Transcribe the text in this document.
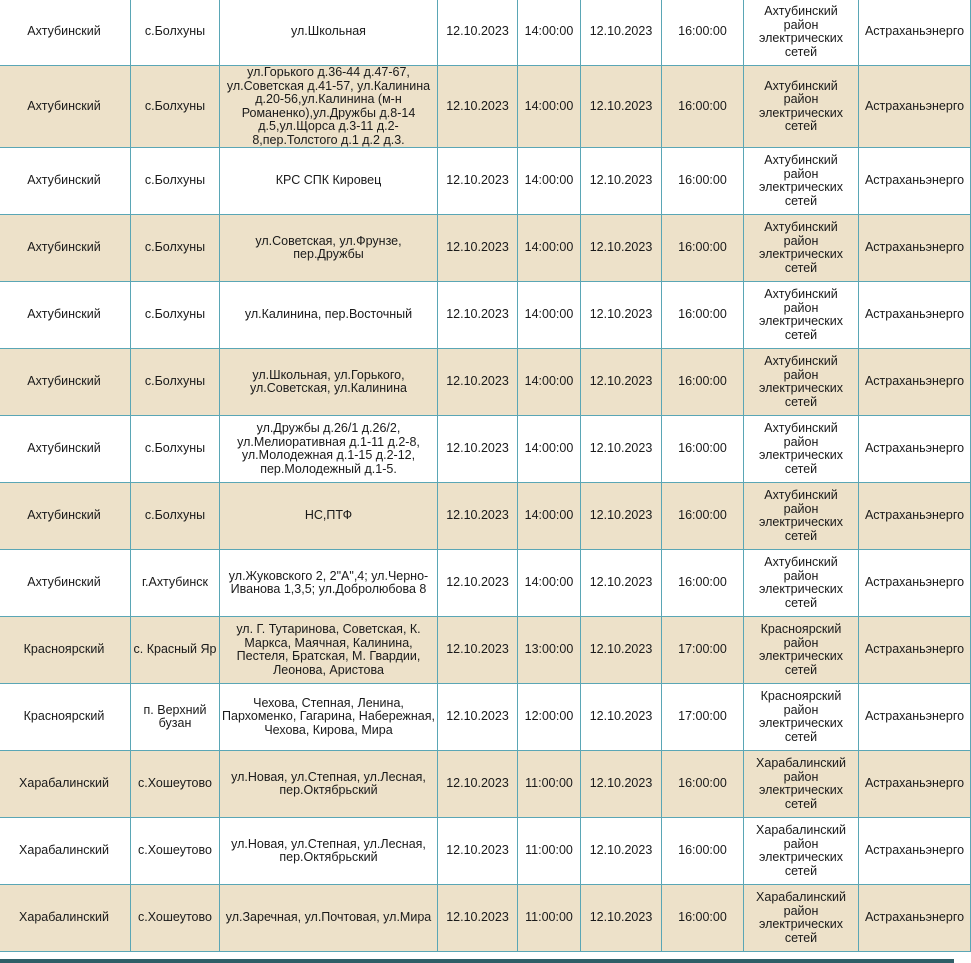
Ахтубинский	с.Болхуны	ул.Школьная	12.10.2023	14:00:00	12.10.2023	16:00:00	Ахтубинский район электрических сетей	Астраханьэнерго
Ахтубинский	с.Болхуны	ул.Горького д.36-44 д.47-67, ул.Советская д.41-57, ул.Калинина д.20-56,ул.Калинина (м-н Романенко),ул.Дружбы д.8-14 д.5,ул.Щорса д.3-11 д.2-8,пер.Толстого д.1 д.2 д.3.	12.10.2023	14:00:00	12.10.2023	16:00:00	Ахтубинский район электрических сетей	Астраханьэнерго
Ахтубинский	с.Болхуны	КРС СПК Кировец	12.10.2023	14:00:00	12.10.2023	16:00:00	Ахтубинский район электрических сетей	Астраханьэнерго
Ахтубинский	с.Болхуны	ул.Советская, ул.Фрунзе, пер.Дружбы	12.10.2023	14:00:00	12.10.2023	16:00:00	Ахтубинский район электрических сетей	Астраханьэнерго
Ахтубинский	с.Болхуны	ул.Калинина, пер.Восточный	12.10.2023	14:00:00	12.10.2023	16:00:00	Ахтубинский район электрических сетей	Астраханьэнерго
Ахтубинский	с.Болхуны	ул.Школьная, ул.Горького, ул.Советская, ул.Калинина	12.10.2023	14:00:00	12.10.2023	16:00:00	Ахтубинский район электрических сетей	Астраханьэнерго
Ахтубинский	с.Болхуны	ул.Дружбы д.26/1 д.26/2, ул.Мелиоративная д.1-11 д.2-8, ул.Молодежная д.1-15 д.2-12, пер.Молодежный д.1-5.	12.10.2023	14:00:00	12.10.2023	16:00:00	Ахтубинский район электрических сетей	Астраханьэнерго
Ахтубинский	с.Болхуны	НС,ПТФ	12.10.2023	14:00:00	12.10.2023	16:00:00	Ахтубинский район электрических сетей	Астраханьэнерго
Ахтубинский	г.Ахтубинск	ул.Жуковского 2, 2"А",4; ул.Черно-Иванова 1,3,5; ул.Добролюбова 8	12.10.2023	14:00:00	12.10.2023	16:00:00	Ахтубинский район электрических сетей	Астраханьэнерго
Красноярский	с. Красный Яр	ул. Г. Тутаринова, Советская, К. Маркса, Маячная, Калинина, Пестеля, Братская, М. Гвардии, Леонова, Аристова	12.10.2023	13:00:00	12.10.2023	17:00:00	Красноярский район электрических сетей	Астраханьэнерго
Красноярский	п. Верхний бузан	Чехова, Степная, Ленина, Пархоменко, Гагарина, Набережная, Чехова, Кирова, Мира	12.10.2023	12:00:00	12.10.2023	17:00:00	Красноярский район электрических сетей	Астраханьэнерго
Харабалинский	с.Хошеутово	ул.Новая, ул.Степная, ул.Лесная, пер.Октябрьский	12.10.2023	11:00:00	12.10.2023	16:00:00	Харабалинский район электрических сетей	Астраханьэнерго
Харабалинский	с.Хошеутово	ул.Новая, ул.Степная, ул.Лесная, пер.Октябрьский	12.10.2023	11:00:00	12.10.2023	16:00:00	Харабалинский район электрических сетей	Астраханьэнерго
Харабалинский	с.Хошеутово	ул.Заречная, ул.Почтовая, ул.Мира	12.10.2023	11:00:00	12.10.2023	16:00:00	Харабалинский район электрических сетей	Астраханьэнерго
